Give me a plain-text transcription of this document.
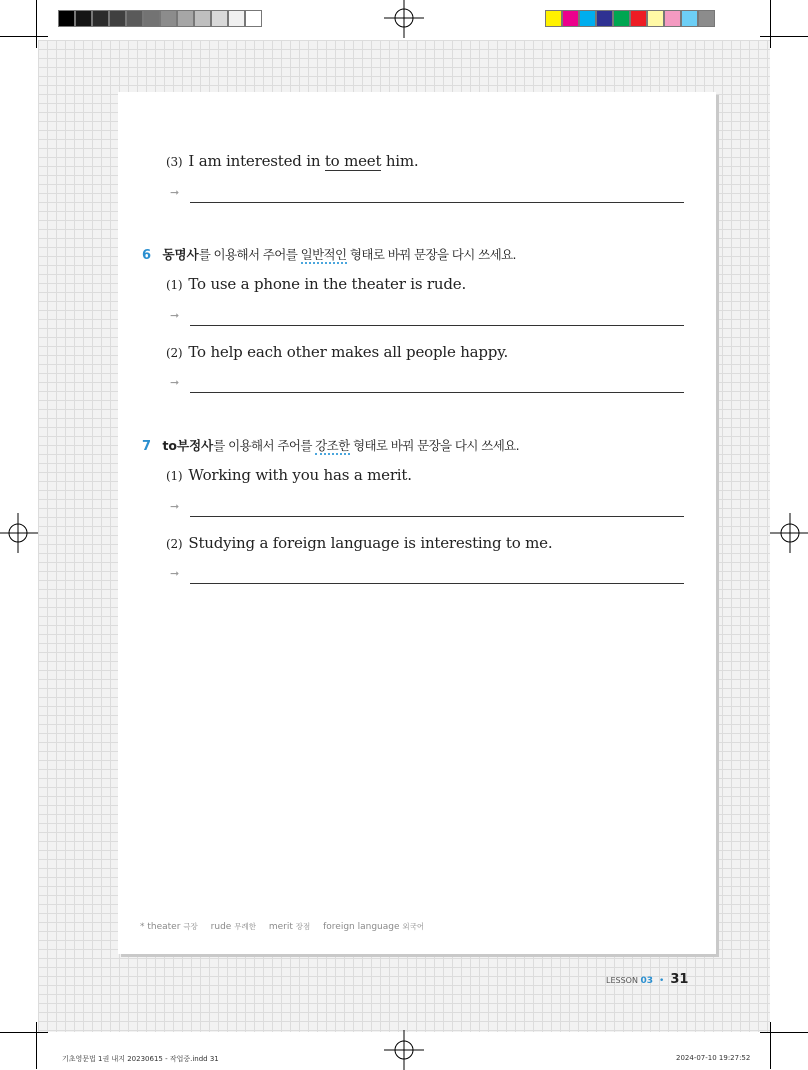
(3) I am interested in to meet him.
➞
6 동명사를 이용해서 주어를 일반적인 형태로 바꿔 문장을 다시 쓰세요.
(1) To use a phone in the theater is rude.
➞
(2) To help each other makes all people happy.
➞
7 to부정사를 이용해서 주어를 강조한 형태로 바꿔 문장을 다시 쓰세요.
(1) Working with you has a merit.
➞
(2) Studying a foreign language is interesting to me.
➞
* theater 극장 rude 무례한 merit 장점 foreign language 외국어
LESSON 03 • 31
기초영문법 1권 내지 20230615 - 작업중.indd 31	2024-07-10 19:27:52
